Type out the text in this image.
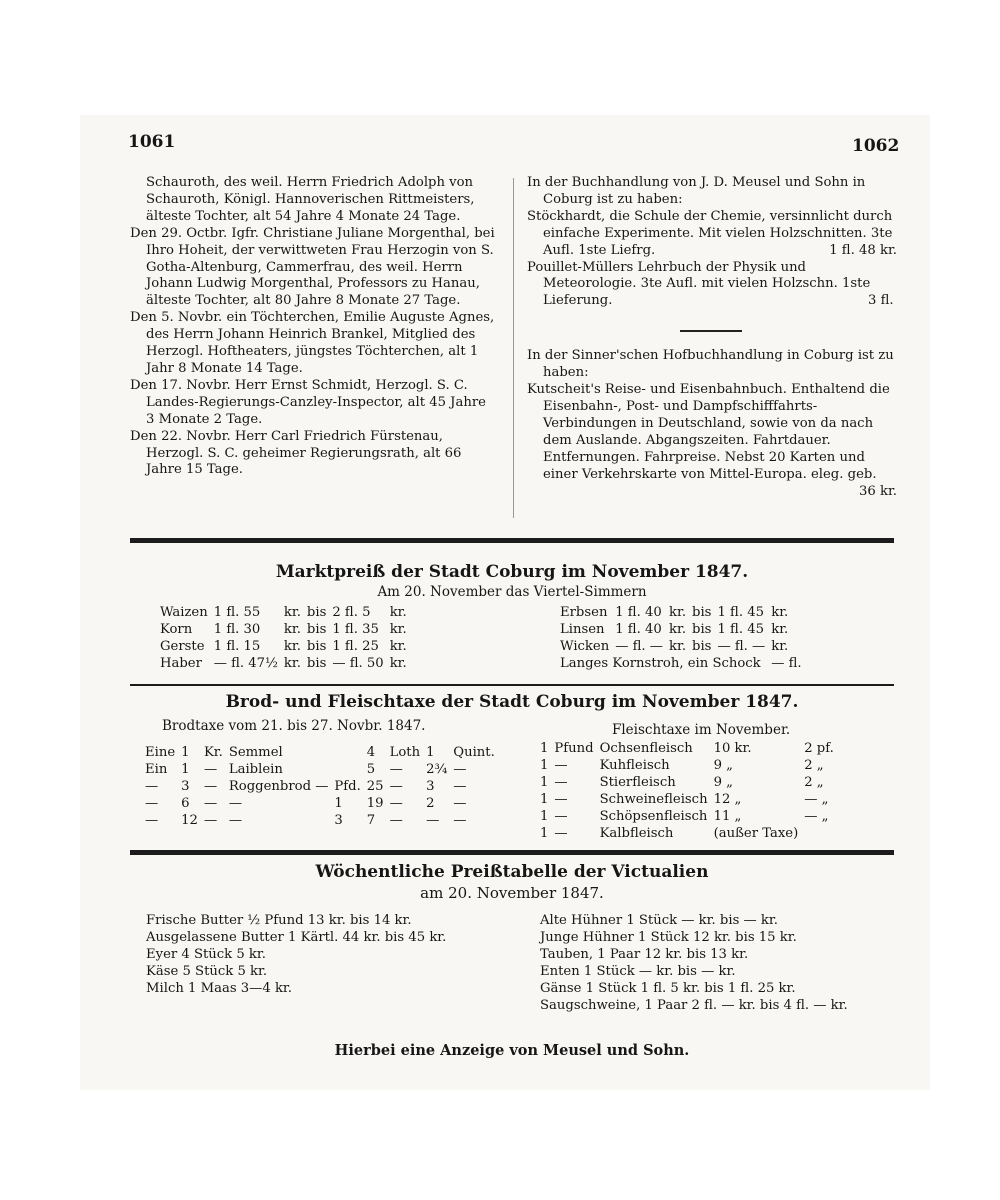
1061	1062

Schauroth, des weil. Herrn Friedrich Adolph von Schauroth, Königl. Hannoverischen Rittmeisters, älteste Tochter, alt 54 Jahre 4 Monate 24 Tage.

Den 29. Octbr. Igfr. Christiane Juliane Morgenthal, bei Ihro Hoheit, der verwittweten Frau Herzogin von S. Gotha-Altenburg, Cammerfrau, des weil. Herrn Johann Ludwig Morgenthal, Professors zu Hanau, älteste Tochter, alt 80 Jahre 8 Monate 27 Tage.

Den 5. Novbr. ein Töchterchen, Emilie Auguste Agnes, des Herrn Johann Heinrich Brankel, Mitglied des Herzogl. Hoftheaters, jüngstes Töchterchen, alt 1 Jahr 8 Monate 14 Tage.

Den 17. Novbr. Herr Ernst Schmidt, Herzogl. S. C. Landes-Regierungs-Canzley-Inspector, alt 45 Jahre 3 Monate 2 Tage.

Den 22. Novbr. Herr Carl Friedrich Fürstenau, Herzogl. S. C. geheimer Regierungsrath, alt 66 Jahre 15 Tage.

In der Buchhandlung von J. D. Meusel und Sohn in Coburg ist zu haben:

Stöckhardt, die Schule der Chemie, versinnlicht durch einfache Experimente. Mit vielen Holzschnitten. 3te Aufl. 1ste Liefrg.	1 fl. 48 kr.

Pouillet-Müllers Lehrbuch der Physik und Meteorologie. 3te Aufl. mit vielen Holzschn. 1ste Lieferung.	3 fl.

In der Sinner'schen Hofbuchhandlung in Coburg ist zu haben:

Kutscheit's Reise- und Eisenbahnbuch. Enthaltend die Eisenbahn-, Post- und Dampfschifffahrts-Verbindungen in Deutschland, sowie von da nach dem Auslande. Abgangszeiten. Fahrtdauer. Entfernungen. Fahrpreise. Nebst 20 Karten und einer Verkehrskarte von Mittel-Europa. eleg. geb.
36 kr.

Marktpreiß der Stadt Coburg im November 1847.
Am 20. November das Viertel-Simmern
Waizen	1 fl. 55	kr.	bis	2 fl. 5	kr.
Korn	1 fl. 30	kr.	bis	1 fl. 35	kr.
Gerste	1 fl. 15	kr.	bis	1 fl. 25	kr.
Haber	— fl. 47½	kr.	bis	— fl. 50	kr.
Erbsen	1 fl. 40	kr.	bis	1 fl. 45	kr.
Linsen	1 fl. 40	kr.	bis	1 fl. 45	kr.
Wicken	— fl. —	kr.	bis	— fl. —	kr.
Langes Kornstroh, ein Schock					— fl.
Brod- und Fleischtaxe der Stadt Coburg im November 1847.
Brodtaxe vom 21. bis 27. Novbr. 1847.	Fleischtaxe im November.
Eine	1	Kr.	Semmel		4	Loth	1	Quint.
Ein	1	—	Laiblein		5	—	2¾	—
—	3	—	Roggenbrod —	Pfd.	25	—	3	—
—	6	—	—	1	19	—	2	—
—	12	—	—	3	7	—	—	—
1	Pfund	Ochsenfleisch	10 kr.	2 pf.
1	—	Kuhfleisch	9 „	2 „
1	—	Stierfleisch	9 „	2 „
1	—	Schweinefleisch	12 „	— „
1	—	Schöpsenfleisch	11 „	— „
1	—	Kalbfleisch	(außer Taxe)	
Wöchentliche Preißtabelle der Victualien
am 20. November 1847.
Frische Butter ½ Pfund 13 kr. bis 14 kr.
Ausgelassene Butter 1 Kärtl. 44 kr. bis 45 kr.
Eyer 4 Stück 5 kr.
Käse 5 Stück 5 kr.
Milch 1 Maas 3—4 kr.
Alte Hühner 1 Stück — kr. bis — kr.
Junge Hühner 1 Stück 12 kr. bis 15 kr.
Tauben, 1 Paar 12 kr. bis 13 kr.
Enten 1 Stück — kr. bis — kr.
Gänse 1 Stück 1 fl. 5 kr. bis 1 fl. 25 kr.
Saugschweine, 1 Paar 2 fl. — kr. bis 4 fl. — kr.
Hierbei eine Anzeige von Meusel und Sohn.
